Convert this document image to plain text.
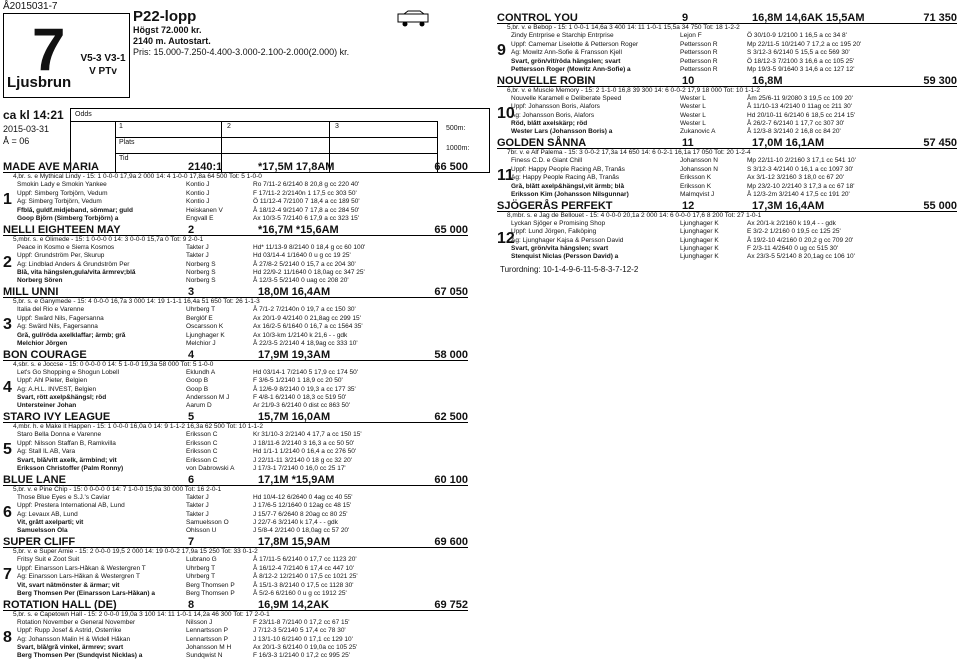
Å2015031-7
7	V5-3 V3-1
V PTv
Ljusbrun
ca kl 14:21
2015-03-31
Å = 06
P22-lopp
Högst 72.000 kr.
2140 m. Autostart.
Pris: 15.000-7.250-4.400-3.000-2.100-2.000(2.000) kr.
Odds
1	2	3
Plats
Tid
500m:
1000m:
MADE AVE MARIA	2140:1	*17,5M 17,8AM	66 500
4,br. s. e Mythical Lindy - 15: 1 0-0-0 17,9a 2 000 14: 4 1-0-0 17,8a 64 500 Tot: 5 1-0-0
1
Smokin Lady e Smokin Yankee	Kontio J	Ro 7/11-2 6/2140 8 20,8 g cc 220 40'
Uppf: Simberg Torbjörn, Vedum	Kontio J	F 17/11-2 2/2140n 1 17,5 cc 303 50'
Äg: Simberg Torbjörn, Vedum	Kontio J	Ö 11/12-4 7/2100 7 18,4 a cc 189 50'
Ffblå, guldf.midjeband, sömmar; guld	Heiskanen V	Å 18/12-4 9/2140 7 17,8 a cc 284 50'
Goop Björn (Simberg Torbjörn) a	Engvall E	Ax 10/3-5 7/2140 6 17,9 a cc 323 15'
NELLI EIGHTEEN MAY	2	*16,7M *15,6AM	65 000
5,mbr. s. e Olimede - 15: 1 0-0-0 0 14: 3 0-0-0 15,7a 0 Tot: 9 2-0-1
2
Peace in Kosmo e Sierra Kosmos	Takter J	Hd* 11/13-9 8/2140 0 18,4 g cc 60 100'
Uppf: Grundström Per, Skurup	Takter J	Hd 03/14-4 1/1640 0 u g cc 19 25'
Äg: Lindblad Anders & Grundström Per	Norberg S	Å 27/8-2 5/2140 0 15,7 a cc 204 30'
Blå, vita hängslen,gula/vita ärmrev;blå	Norberg S	Hd 22/9-2 11/1640 0 18,0ag cc 347 25'
Norberg Sören	Norberg S	Å 12/3-5 5/2140 0 uag cc 208 20'
MILL UNNI	3	18,0M 16,4AM	67 050
5,br. s. e Ganymede - 15: 4 0-0-0 16,7a 3 000 14: 19 1-1-1 16,4a 51 650 Tot: 26 1-1-3
3
Italia del Rio e Varenne	Uhrberg T	Å 7/1-2 7/2140n 0 19,7 a cc 150 30'
Uppf: Swärd Nils, Fagersanna	Berglöf E	Ax 20/1-9 4/2140 0 21,8ag cc 299 15'
Äg: Swärd Nils, Fagersanna	Oscarsson K	Ax 16/2-5 6/1640 0 16,7 a cc 1564 35'
Grå, gul/röda axelklaffar; ärmb; grå	Ljunghager K	Ax 10/3-km 1/2140 k 21,6 - - gdk
Melchior Jörgen	Melchior J	Å 22/3-5 2/2140 4 18,9ag cc 333 10'
BON COURAGE	4	17,9M 19,3AM	58 000
4,sbr. s. e Joccse - 15: 0 0-0-0 0 14: 5 1-0-0 19,3a 58 000 Tot: 5 1-0-0
4
Let's Go Shopping e Shogun Lobell	Eklundh A	Hd 03/14-1 7/2140 5 17,9 cc 174 50'
Uppf: Ahl Pieter, Belgien	Goop B	F 3/6-5 1/2140 1 18,9 cc 20 50'
Äg: A.H.L. INVEST, Belgien	Goop B	Å 12/6-9 8/2140 0 19,3 a cc 177 35'
Svart, rött axelp&hängsl; röd	Andersson M J	F 4/8-1 6/2140 0 18,3 cc 519 50'
Untersteiner Johan	Aarum D	Ar 21/9-3 6/2140 0 dist cc 863 50'
STARO IVY LEAGUE	5	15,7M 16,0AM	62 500
4,mbr. h. e Make it Happen - 15: 1 0-0-0 16,0a 0 14: 9 1-1-2 16,3a 62 500 Tot: 10 1-1-2
5
Staro Bella Donna e Varenne	Eriksson C	Kr 31/10-3 2/2140 4 17,7 a cc 150 15'
Uppf: Nilsson Staffan B, Ramkvilla	Eriksson C	J 18/11-6 2/2140 3 16,3 a cc 50 50'
Äg: Stall IL AB, Vara	Eriksson C	Hd 1/1-1 1/2140 0 16,4 a cc 276 50'
Svart, blå/vitt axelk, ärmbind; vit	Eriksson C	J 22/11-11 3/2140 0 18 g cc 32 20'
Eriksson Christoffer (Palm Ronny)	von Dabrowski A	J 17/3-1 7/2140 0 16,0 cc 25 17'
BLUE LANE	6	17,1M *15,9AM	60 100
5,br. v. e Pine Chip - 15: 0 0-0-0 0 14: 7 1-0-0 15,9a 30 000 Tot: 16 2-0-1
6
Those Blue Eyes e S.J.'s Caviar	Takter J	Hd 10/4-12 6/2640 0 4ag cc 40 55'
Uppf: Prestera International AB, Lund	Takter J	J 17/6-5 12/1640 0 12ag cc 48 15'
Äg: Levaux AB, Lund	Takter J	J 15/7-7 6/2640 8 20ag cc 80 25'
Vit, grått axelparti; vit	Samuelsson O	J 22/7-6 3/2140 k 17,4 - - gdk
Samuelsson Ola	Ohlsson U	J 5/8-4 2/2140 0 18,0ag cc 57 20'
SUPER CLIFF	7	17,8M 15,9AM	69 600
5,br. v. e Super Arnie - 15: 2 0-0-0 19,5 2 000 14: 19 0-0-2 17,9a 15 250 Tot: 33 0-1-2
7
Fritsy Suit e Zoot Suit	Lubrano G	Å 17/11-5 6/2140 0 17,7 cc 1123 20'
Uppf: Einarsson Lars-Håkan & Westergren T	Uhrberg T	Å 16/12-4 7/2140 6 17,4 cc 447 10'
Äg: Einarsson Lars-Håkan & Westergren T	Uhrberg T	Å 8/12-2 12/2140 0 17,5 cc 1021 25'
Vit, svart nätmönster & ärmar; vit	Berg Thomsen P	Å 15/1-3 8/2140 0 17,5 cc 1128 30'
Berg Thomsen Per (Einarsson Lars-Håkan) a	Berg Thomsen P	Å 5/2-6 6/2160 0 u g cc 1912 25'
ROTATION HALL (DE)	8	16,9M 14,2AK	69 752
5,br. s. e Capetown Hall - 15: 2 0-0-0 19,0a 3 100 14: 11 1-0-1 14,2a 46 300 Tot: 17 2-0-1
8
Rotation November e General November	Nilsson J	F 23/11-8 7/2140 0 17,2 cc 67 15'
Uppf: Rupp Josef & Astrid, Österrike	Lennartsson P	J 7/12-3 5/2140 5 17,4 cc 78 30'
Äg: Johansson Malin H & Widell Håkan	Lennartsson P	J 13/1-10 6/2140 0 17,1 cc 129 10'
Svart, blå/grå vinkel, ärmrev; svart	Johansson M H	Ax 20/1-3 6/2140 0 19,0a cc 105 25'
Berg Thomsen Per (Sundqvist Nicklas) a	Sundqwist N	F 16/3-3 1/2140 0 17,2 cc 995 25'
CONTROL YOU	9	16,8M 14,6AK 15,5AM	71 350
5,br. v. e Bebop - 15: 1 0-0-1 14,6a 3 400 14: 11 1-0-1 15,5a 34 750 Tot: 18 1-2-2
9
Zindy Entrprise e Starchip Entrprise	Lejon F	Ö 30/10-9 1/2100 1 16,5 a cc 34 8'
Uppf: Camemar Liselotte & Petterson Roger	Pettersson R	Mp 22/11-5 10/2140 7 17,2 a cc 195 20'
Äg: Mowitz Ann-Sofie & Fransson Kjell	Pettersson R	S 3/12-3 6/2140 5 15,5 a cc 569 30'
Svart, grön/vit/röda hängslen; svart	Pettersson R	Ö 18/12-3 7/2100 3 16,6 a cc 105 25'
Pettersson Roger (Mowitz Ann-Sofie) a	Pettersson R	Mp 19/3-5 9/1640 3 14,6 a cc 127 12'
NOUVELLE ROBIN	10	16,8M	59 300
6,br. v. e Muscle Memory - 15: 2 1-1-0 16,8 39 300 14: 6 0-0-2 17,9 18 000 Tot: 10 1-1-2
10
Nouvelle Karamell e Deliberate Speed	Wester L	Åm 25/6-11 9/2080 3 19,5 cc 109 20'
Uppf: Johansson Boris, Alafors	Wester L	Å 11/10-13 4/2140 0 11ag cc 211 30'
Äg: Johansson Boris, Alafors	Wester L	Hd 20/10-11 6/2140 6 18,5 cc 214 15'
Röd, blått axelskärp; röd	Wester L	Å 26/2-7 6/2140 1 17,7 cc 307 30'
Wester Lars (Johansson Boris) a	Zukanovic A	Å 12/3-8 3/2140 2 16,8 cc 84 20'
GOLDEN SÅNNA	11	17,0M 16,1AM	57 450
7br. v. e Alf Palema - 15: 3 0-0-2 17,3a 14 650 14: 6 0-2-1 16,1a 17 050 Tot: 20 1-2-4
11
Finess C.D. e Giant Chill	Johansson N	Mp 22/11-10 2/2160 3 17,1 cc 541 10'
Uppf: Happy People Racing AB, Tranås	Johansson N	S 3/12-3 4/2140 0 16,1 a cc 1097 30'
Äg: Happy People Racing AB, Tranås	Eriksson K	Ax 3/1-12 3/2160 3 18,0 cc 67 20'
Grå, blått axelp&hängsl,vit ärmb; blå	Eriksson K	Mp 23/2-10 2/2140 3 17,3 a cc 67 18'
Eriksson Kim (Johansson Nilsgunnar)	Malmqvist J	Å 12/3-2m 3/2140 4 17,5 cc 191 20'
SJÖGERÅS PERFEKT	12	17,3M 16,4AM	55 000
8,mbr. s. e Jag de Bellouet - 15: 4 0-0-0 20,1a 2 000 14: 6 0-0-0 17,6 8 200 Tot: 27 1-0-1
12
Lyckan Sjöger e Promising Shop	Ljunghager K	Ax 20/1-k 2/2160 k 19,4 - - gdk
Uppf: Lund Jörgen, Falköping	Ljunghager K	E 3/2-2 1/2160 0 19,5 cc 125 25'
Äg: Ljunghager Kajsa & Persson David	Ljunghager K	Å 19/2-10 4/2160 0 20,2 g cc 709 20'
Svart, grön/vita hängslen; svart	Ljunghager K	F 2/3-11 4/2640 0 ug cc 515 30'
Stenquist Niclas (Persson David) a	Ljunghager K	Ax 23/3-5 5/2140 8 20,1ag cc 106 10'
Turordning: 10-1-4-9-6-11-5-8-3-7-12-2
